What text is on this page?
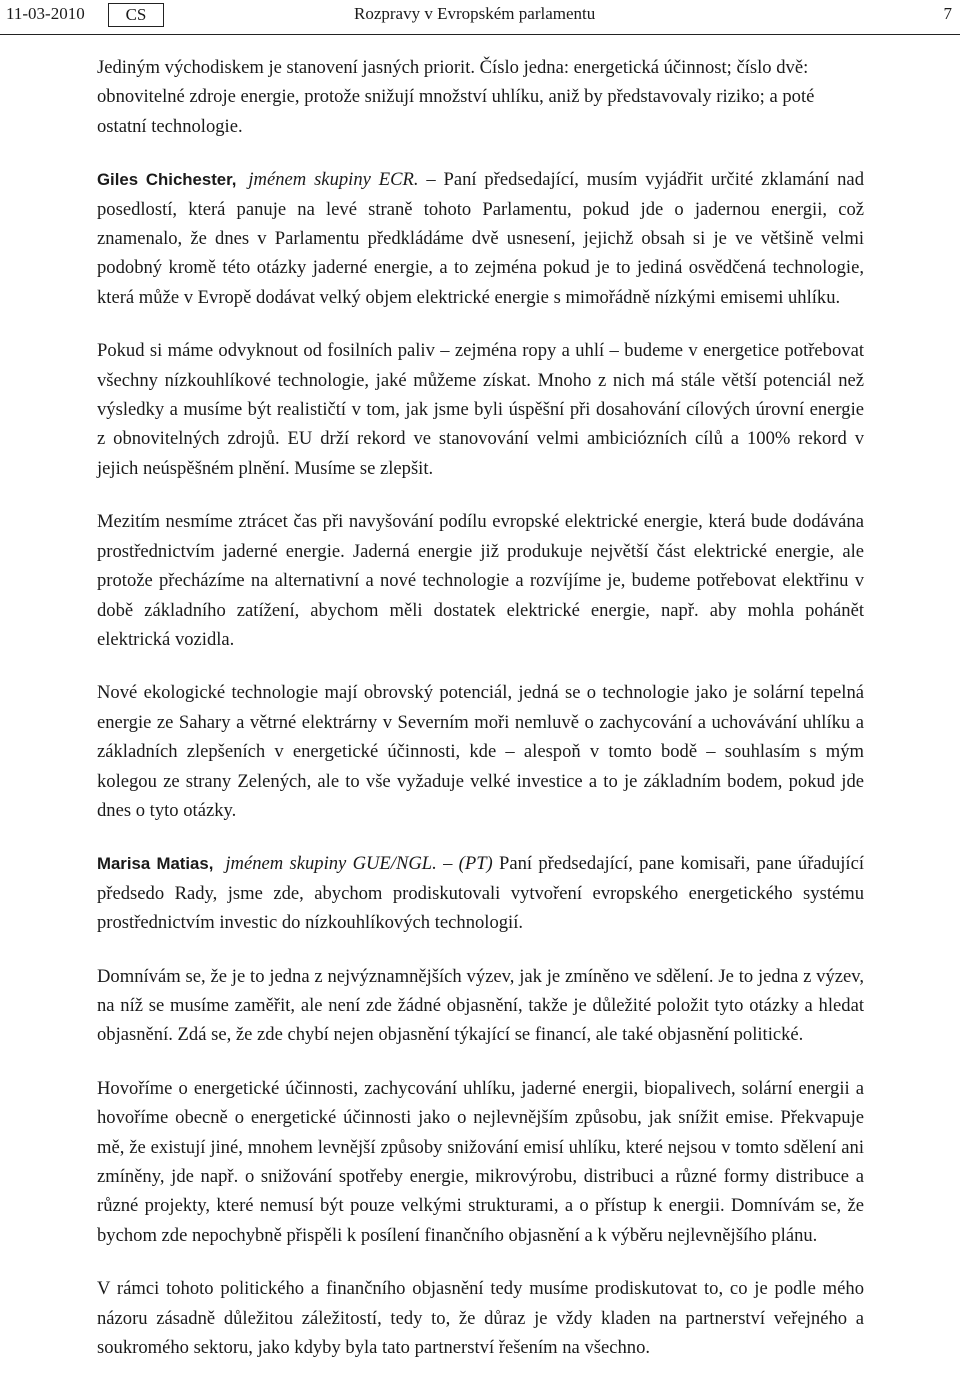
11-03-2010	CS	Rozpravy v Evropském parlamentu	7

Jediným východiskem je stanovení jasných priorit. Číslo jedna: energetická účinnost; číslo dvě: obnovitelné zdroje energie, protože snižují množství uhlíku, aniž by představovaly riziko; a poté ostatní technologie.

Giles Chichester, jménem skupiny ECR. – Paní předsedající, musím vyjádřit určité zklamání nad posedlostí, která panuje na levé straně tohoto Parlamentu, pokud jde o jadernou energii, což znamenalo, že dnes v Parlamentu předkládáme dvě usnesení, jejichž obsah si je ve většině velmi podobný kromě této otázky jaderné energie, a to zejména pokud je to jediná osvědčená technologie, která může v Evropě dodávat velký objem elektrické energie s mimořádně nízkými emisemi uhlíku.

Pokud si máme odvyknout od fosilních paliv – zejména ropy a uhlí – budeme v energetice potřebovat všechny nízkouhlíkové technologie, jaké můžeme získat. Mnoho z nich má stále větší potenciál než výsledky a musíme být realističtí v tom, jak jsme byli úspěšní při dosahování cílových úrovní energie z obnovitelných zdrojů. EU drží rekord ve stanovování velmi ambiciózních cílů a 100% rekord v jejich neúspěšném plnění. Musíme se zlepšit.

Mezitím nesmíme ztrácet čas při navyšování podílu evropské elektrické energie, která bude dodávána prostřednictvím jaderné energie. Jaderná energie již produkuje největší část elektrické energie, ale protože přecházíme na alternativní a nové technologie a rozvíjíme je, budeme potřebovat elektřinu v době základního zatížení, abychom měli dostatek elektrické energie, např. aby mohla pohánět elektrická vozidla.

Nové ekologické technologie mají obrovský potenciál, jedná se o technologie jako je solární tepelná energie ze Sahary a větrné elektrárny v Severním moři nemluvě o zachycování a uchovávání uhlíku a základních zlepšeních v energetické účinnosti, kde – alespoň v tomto bodě – souhlasím s mým kolegou ze strany Zelených, ale to vše vyžaduje velké investice a to je základním bodem, pokud jde dnes o tyto otázky.

Marisa Matias, jménem skupiny GUE/NGL. – (PT) Paní předsedající, pane komisaři, pane úřadující předsedo Rady, jsme zde, abychom prodiskutovali vytvoření evropského energetického systému prostřednictvím investic do nízkouhlíkových technologií.

Domnívám se, že je to jedna z nejvýznamnějších výzev, jak je zmíněno ve sdělení. Je to jedna z výzev, na níž se musíme zaměřit, ale není zde žádné objasnění, takže je důležité položit tyto otázky a hledat objasnění. Zdá se, že zde chybí nejen objasnění týkající se financí, ale také objasnění politické.

Hovoříme o energetické účinnosti, zachycování uhlíku, jaderné energii, biopalivech, solární energii a hovoříme obecně o energetické účinnosti jako o nejlevnějším způsobu, jak snížit emise. Překvapuje mě, že existují jiné, mnohem levnější způsoby snižování emisí uhlíku, které nejsou v tomto sdělení ani zmíněny, jde např. o snižování spotřeby energie, mikrovýrobu, distribuci a různé formy distribuce a různé projekty, které nemusí být pouze velkými strukturami, a o přístup k energii. Domnívám se, že bychom zde nepochybně přispěli k posílení finančního objasnění a k výběru nejlevnějšího plánu.

V rámci tohoto politického a finančního objasnění tedy musíme prodiskutovat to, co je podle mého názoru zásadně důležitou záležitostí, tedy to, že důraz je vždy kladen na partnerství veřejného a soukromého sektoru, jako kdyby byla tato partnerství řešením na všechno.
